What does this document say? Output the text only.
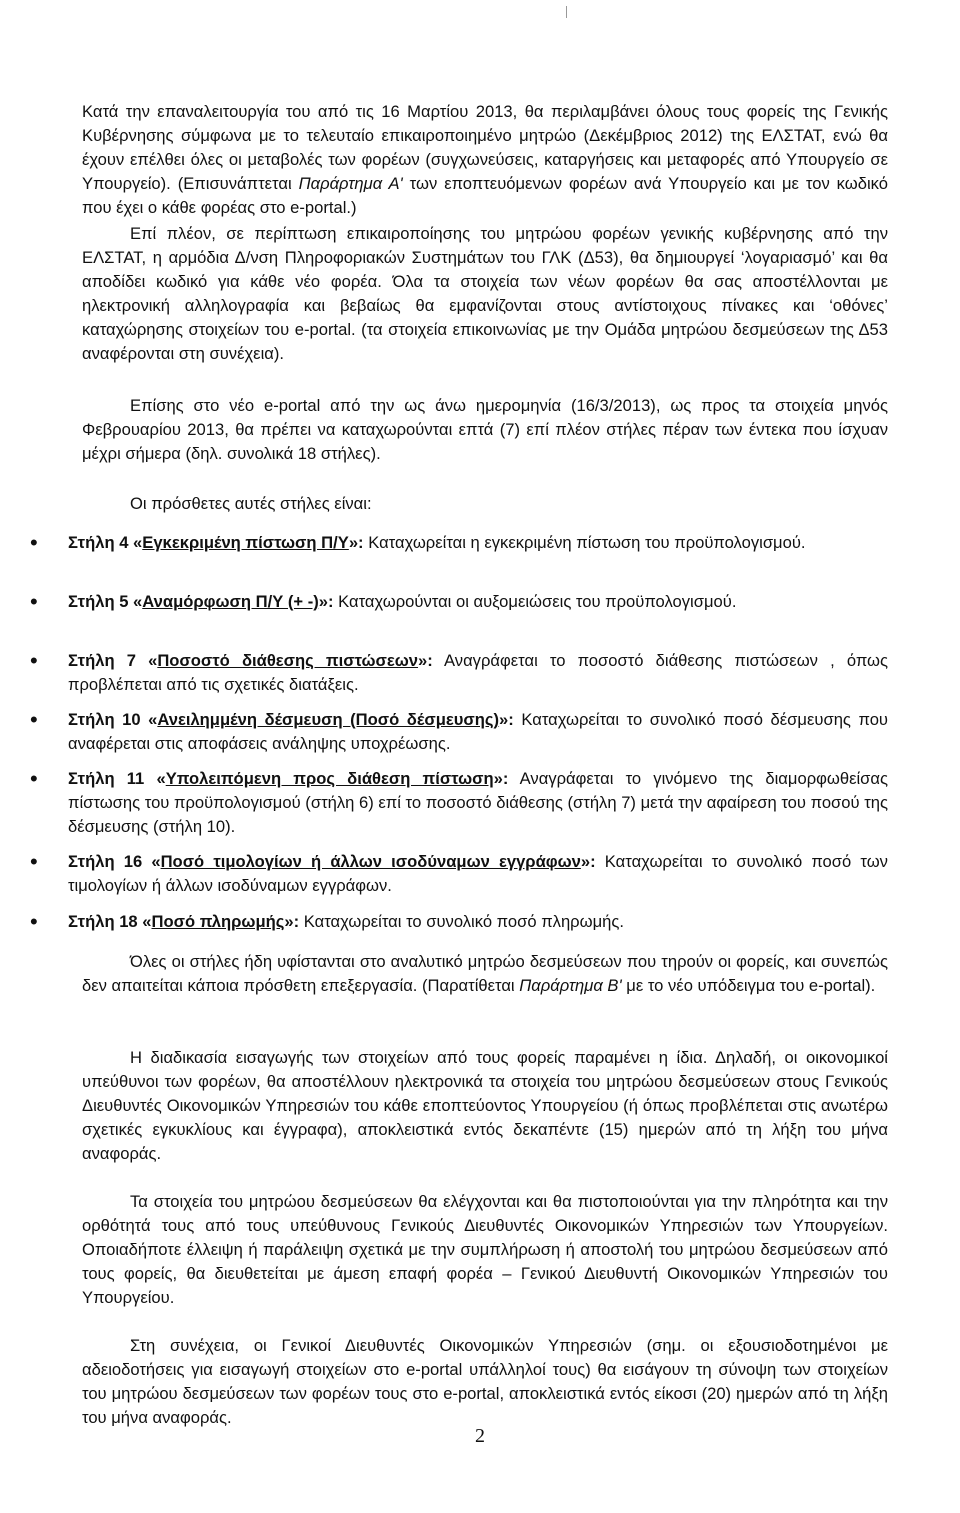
Κατά την επαναλειτουργία του από τις 16 Μαρτίου 2013, θα περιλαμβάνει όλους τους φορείς της Γενικής Κυβέρνησης σύμφωνα με το τελευταίο επικαιροποιημένο μητρώο (Δεκέμβριος 2012) της ΕΛΣΤΑΤ, ενώ θα έχουν επέλθει όλες οι μεταβολές των φορέων (συγχωνεύσεις, καταργήσεις και μεταφορές από Υπουργείο σε Υπουργείο). (Επισυνάπτεται Παράρτημα Α' των εποπτευόμενων φορέων ανά Υπουργείο και με τον κωδικό που έχει ο κάθε φορέας στο e-portal.)
Επί πλέον, σε περίπτωση επικαιροποίησης του μητρώου φορέων γενικής κυβέρνησης από την ΕΛΣΤΑΤ, η αρμόδια Δ/νση Πληροφοριακών Συστημάτων του ΓΛΚ (Δ53), θα δημιουργεί ‘λογαριασμό’ και θα αποδίδει κωδικό για κάθε νέο φορέα. Όλα τα στοιχεία των νέων φορέων θα σας αποστέλλονται με ηλεκτρονική αλληλογραφία και βεβαίως θα εμφανίζονται στους αντίστοιχους πίνακες και ‘οθόνες’ καταχώρησης στοιχείων του e-portal. (τα στοιχεία επικοινωνίας με την Ομάδα μητρώου δεσμεύσεων της Δ53 αναφέρονται στη συνέχεια).
Επίσης στο νέο e-portal από την ως άνω ημερομηνία (16/3/2013), ως προς τα στοιχεία μηνός Φεβρουαρίου 2013, θα πρέπει να καταχωρούνται επτά (7) επί πλέον στήλες πέραν των έντεκα που ίσχυαν μέχρι σήμερα (δηλ. συνολικά 18 στήλες).
Οι πρόσθετες αυτές στήλες είναι:
• Στήλη 4 «Εγκεκριμένη πίστωση Π/Υ»: Καταχωρείται η εγκεκριμένη πίστωση του προϋπολογισμού.
• Στήλη 5 «Αναμόρφωση Π/Υ (+ -)»: Καταχωρούνται οι αυξομειώσεις του προϋπολογισμού.
• Στήλη 7 «Ποσοστό διάθεσης πιστώσεων»: Αναγράφεται το ποσοστό διάθεσης πιστώσεων , όπως προβλέπεται από τις σχετικές διατάξεις.
• Στήλη 10 «Ανειλημμένη δέσμευση (Ποσό δέσμευσης)»: Καταχωρείται το συνολικό ποσό δέσμευσης που αναφέρεται στις αποφάσεις ανάληψης υποχρέωσης.
• Στήλη 11 «Υπολειπόμενη προς διάθεση πίστωση»: Αναγράφεται το γινόμενο της διαμορφωθείσας πίστωσης του προϋπολογισμού (στήλη 6) επί το ποσοστό διάθεσης (στήλη 7) μετά την αφαίρεση του ποσού της δέσμευσης (στήλη 10).
• Στήλη 16 «Ποσό τιμολογίων ή άλλων ισοδύναμων εγγράφων»: Καταχωρείται το συνολικό ποσό των τιμολογίων ή άλλων ισοδύναμων εγγράφων.
• Στήλη 18 «Ποσό πληρωμής»: Καταχωρείται το συνολικό ποσό πληρωμής.
Όλες οι στήλες ήδη υφίστανται στο αναλυτικό μητρώο δεσμεύσεων που τηρούν οι φορείς, και συνεπώς δεν απαιτείται κάποια πρόσθετη επεξεργασία. (Παρατίθεται Παράρτημα Β' με το νέο υπόδειγμα του e-portal).
Η διαδικασία εισαγωγής των στοιχείων από τους φορείς παραμένει η ίδια. Δηλαδή, οι οικονομικοί υπεύθυνοι των φορέων, θα αποστέλλουν ηλεκτρονικά τα στοιχεία του μητρώου δεσμεύσεων στους Γενικούς Διευθυντές Οικονομικών Υπηρεσιών του κάθε εποπτεύοντος Υπουργείου (ή όπως προβλέπεται στις ανωτέρω σχετικές εγκυκλίους και έγγραφα), αποκλειστικά εντός δεκαπέντε (15) ημερών από τη λήξη του μήνα αναφοράς.
Τα στοιχεία του μητρώου δεσμεύσεων θα ελέγχονται και θα πιστοποιούνται για την πληρότητα και την ορθότητά τους από τους υπεύθυνους Γενικούς Διευθυντές Οικονομικών Υπηρεσιών των Υπουργείων. Οποιαδήποτε έλλειψη ή παράλειψη σχετικά με την συμπλήρωση ή αποστολή του μητρώου δεσμεύσεων από τους φορείς, θα διευθετείται με άμεση επαφή φορέα – Γενικού Διευθυντή Οικονομικών Υπηρεσιών του Υπουργείου.
Στη συνέχεια, οι Γενικοί Διευθυντές Οικονομικών Υπηρεσιών (σημ. οι εξουσιοδοτημένοι με αδειοδοτήσεις για εισαγωγή στοιχείων στο e-portal υπάλληλοί τους) θα εισάγουν τη σύνοψη των στοιχείων του μητρώου δεσμεύσεων των φορέων τους στο e-portal, αποκλειστικά εντός είκοσι (20) ημερών από τη λήξη του μήνα αναφοράς.
2
